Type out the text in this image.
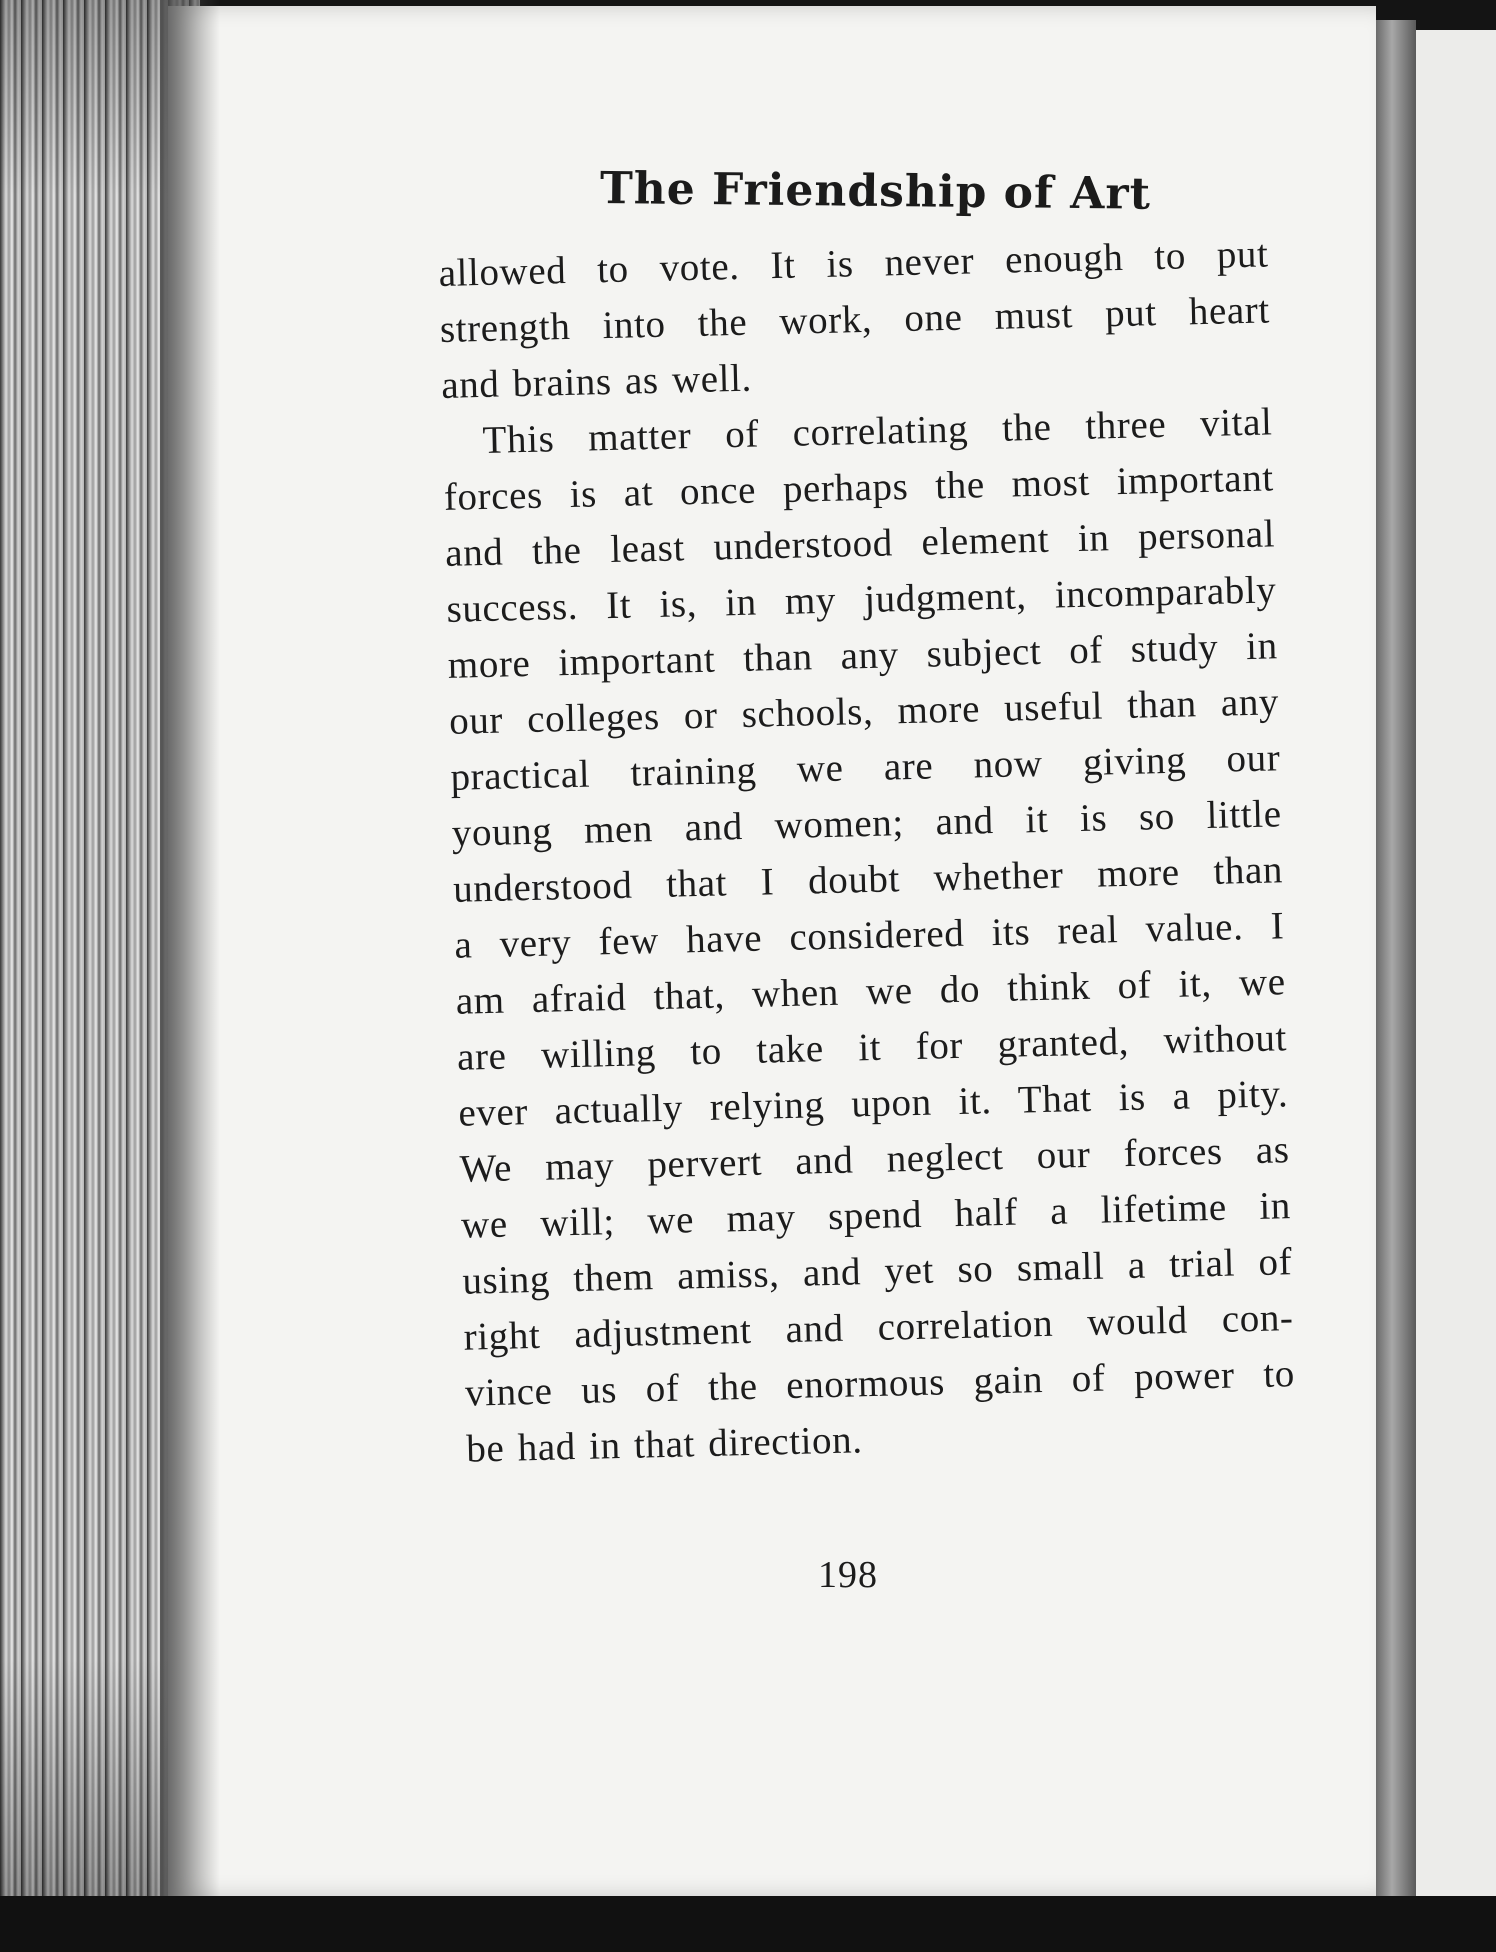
The Friendship of Art
allowed to vote. It is never enough to put
strength into the work, one must put heart
and brains as well.
This matter of correlating the three vital
forces is at once perhaps the most important
and the least understood element in personal
success. It is, in my judgment, incomparably
more important than any subject of study in
our colleges or schools, more useful than any
practical training we are now giving our
young men and women; and it is so little
understood that I doubt whether more than
a very few have considered its real value. I
am afraid that, when we do think of it, we
are willing to take it for granted, without
ever actually relying upon it. That is a pity.
We may pervert and neglect our forces as
we will; we may spend half a lifetime in
using them amiss, and yet so small a trial of
right adjustment and correlation would con-
vince us of the enormous gain of power to
be had in that direction.
198
